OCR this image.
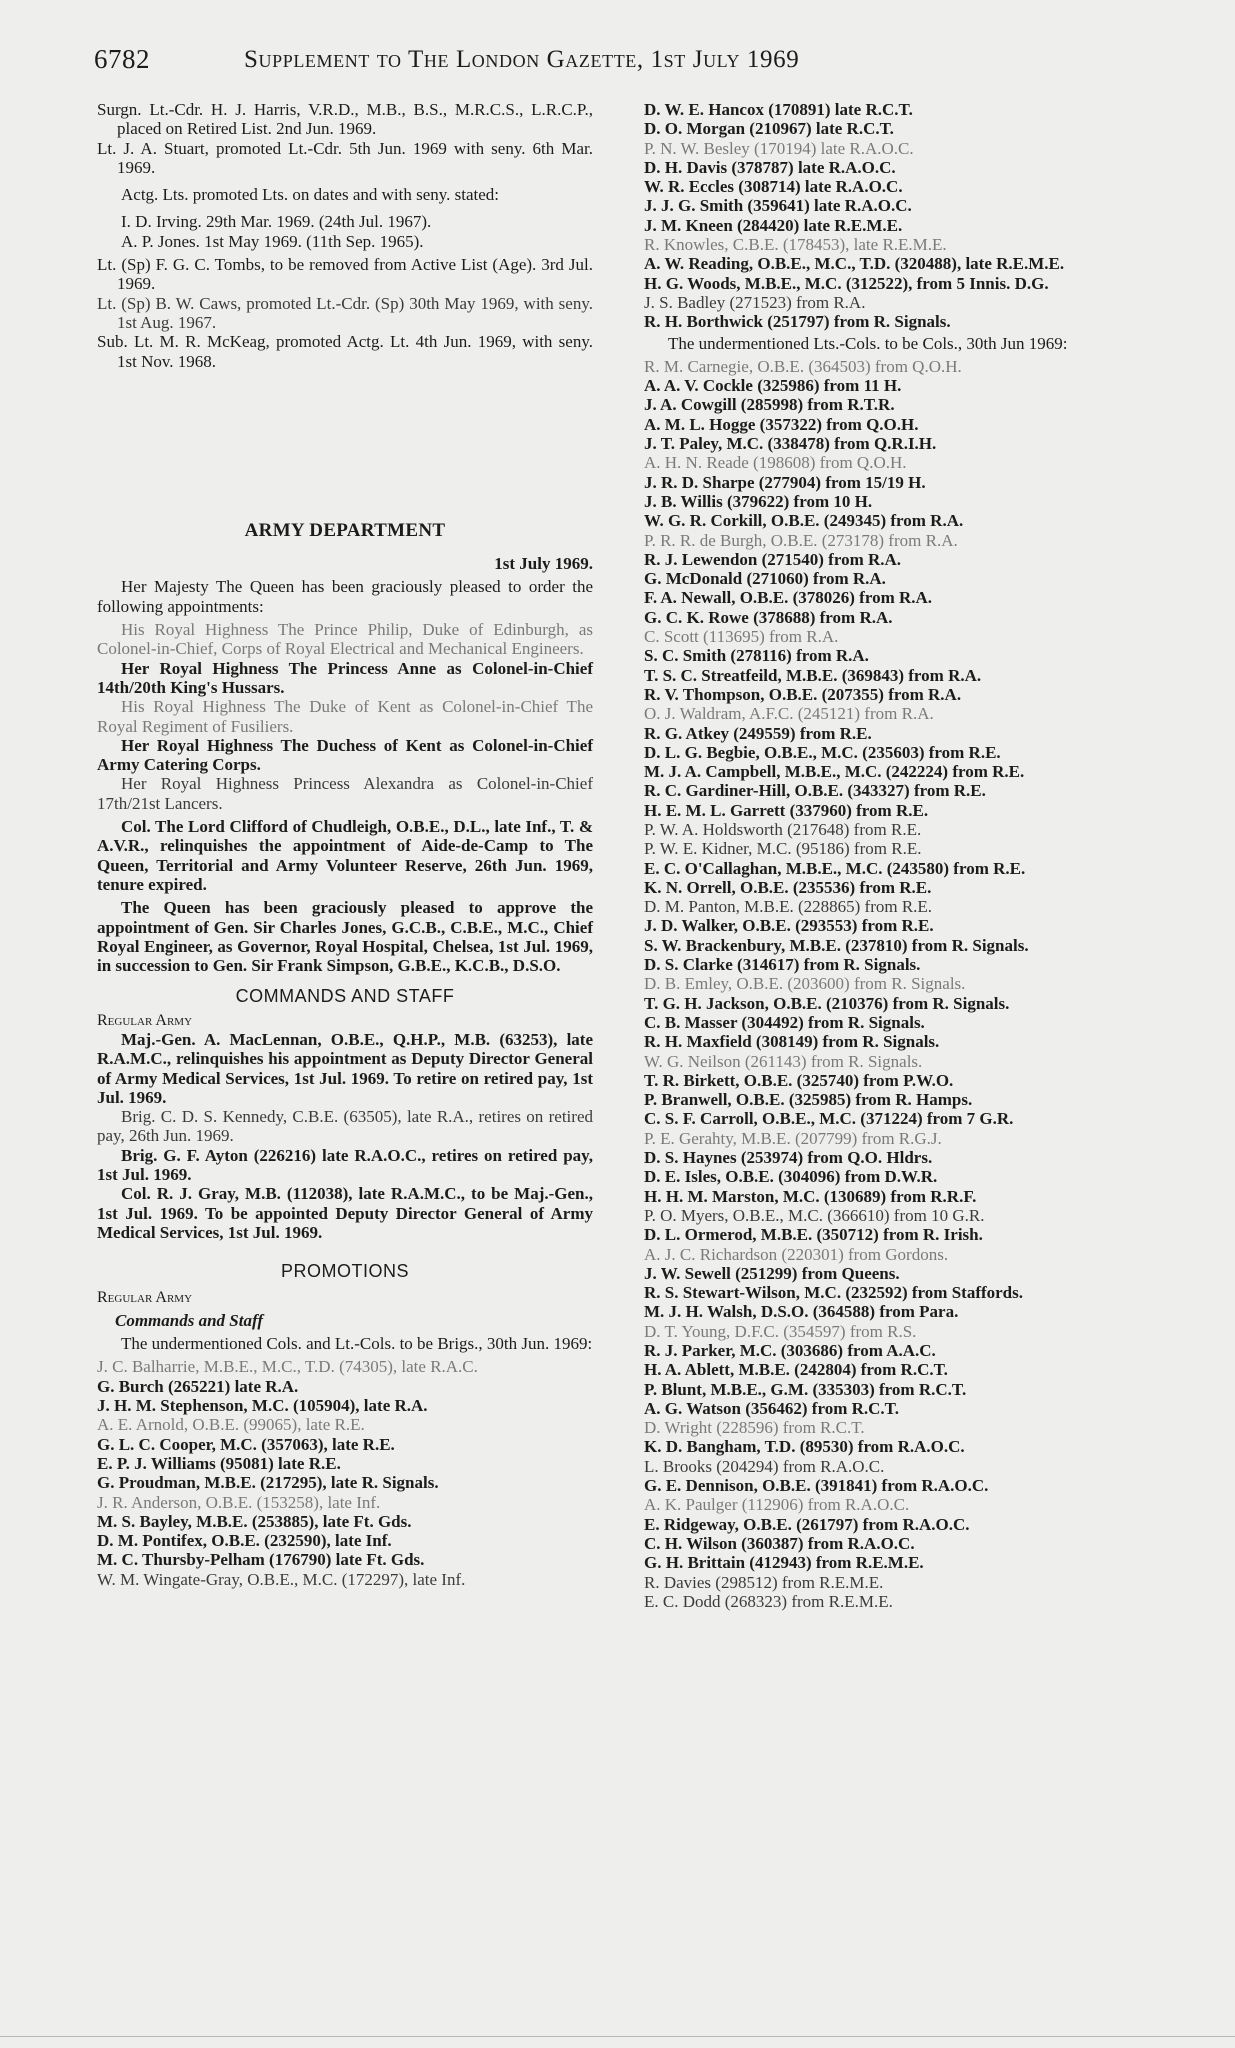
6782	Supplement to The London Gazette, 1st July 1969

Surgn. Lt.-Cdr. H. J. Harris, V.R.D., M.B., B.S., M.R.C.S., L.R.C.P., placed on Retired List. 2nd Jun. 1969.

Lt. J. A. Stuart, promoted Lt.-Cdr. 5th Jun. 1969 with seny. 6th Mar. 1969.

Actg. Lts. promoted Lts. on dates and with seny. stated:

I. D. Irving. 29th Mar. 1969. (24th Jul. 1967).

A. P. Jones. 1st May 1969. (11th Sep. 1965).

Lt. (Sp) F. G. C. Tombs, to be removed from Active List (Age). 3rd Jul. 1969.

Lt. (Sp) B. W. Caws, promoted Lt.-Cdr. (Sp) 30th May 1969, with seny. 1st Aug. 1967.

Sub. Lt. M. R. McKeag, promoted Actg. Lt. 4th Jun. 1969, with seny. 1st Nov. 1968.

ARMY DEPARTMENT

1st July 1969.

Her Majesty The Queen has been graciously pleased to order the following appointments:

His Royal Highness The Prince Philip, Duke of Edinburgh, as Colonel-in-Chief, Corps of Royal Electrical and Mechanical Engineers.

Her Royal Highness The Princess Anne as Colonel-in-Chief 14th/20th King's Hussars.

His Royal Highness The Duke of Kent as Colonel-in-Chief The Royal Regiment of Fusiliers.

Her Royal Highness The Duchess of Kent as Colonel-in-Chief Army Catering Corps.

Her Royal Highness Princess Alexandra as Colonel-in-Chief 17th/21st Lancers.

Col. The Lord Clifford of Chudleigh, O.B.E., D.L., late Inf., T. & A.V.R., relinquishes the appointment of Aide-de-Camp to The Queen, Territorial and Army Volunteer Reserve, 26th Jun. 1969, tenure expired.

The Queen has been graciously pleased to approve the appointment of Gen. Sir Charles Jones, G.C.B., C.B.E., M.C., Chief Royal Engineer, as Governor, Royal Hospital, Chelsea, 1st Jul. 1969, in succession to Gen. Sir Frank Simpson, G.B.E., K.C.B., D.S.O.

COMMANDS AND STAFF

Regular Army

Maj.-Gen. A. MacLennan, O.B.E., Q.H.P., M.B. (63253), late R.A.M.C., relinquishes his appointment as Deputy Director General of Army Medical Services, 1st Jul. 1969. To retire on retired pay, 1st Jul. 1969.

Brig. C. D. S. Kennedy, C.B.E. (63505), late R.A., retires on retired pay, 26th Jun. 1969.

Brig. G. F. Ayton (226216) late R.A.O.C., retires on retired pay, 1st Jul. 1969.

Col. R. J. Gray, M.B. (112038), late R.A.M.C., to be Maj.-Gen., 1st Jul. 1969. To be appointed Deputy Director General of Army Medical Services, 1st Jul. 1969.

PROMOTIONS

Regular Army

Commands and Staff

The undermentioned Cols. and Lt.-Cols. to be Brigs., 30th Jun. 1969:

J. C. Balharrie, M.B.E., M.C., T.D. (74305), late R.A.C.

G. Burch (265221) late R.A.

J. H. M. Stephenson, M.C. (105904), late R.A.

A. E. Arnold, O.B.E. (99065), late R.E.

G. L. C. Cooper, M.C. (357063), late R.E.

E. P. J. Williams (95081) late R.E.

G. Proudman, M.B.E. (217295), late R. Signals.

J. R. Anderson, O.B.E. (153258), late Inf.

M. S. Bayley, M.B.E. (253885), late Ft. Gds.

D. M. Pontifex, O.B.E. (232590), late Inf.

M. C. Thursby-Pelham (176790) late Ft. Gds.

W. M. Wingate-Gray, O.B.E., M.C. (172297), late Inf.

D. W. E. Hancox (170891) late R.C.T.

D. O. Morgan (210967) late R.C.T.

P. N. W. Besley (170194) late R.A.O.C.

D. H. Davis (378787) late R.A.O.C.

W. R. Eccles (308714) late R.A.O.C.

J. J. G. Smith (359641) late R.A.O.C.

J. M. Kneen (284420) late R.E.M.E.

R. Knowles, C.B.E. (178453), late R.E.M.E.

A. W. Reading, O.B.E., M.C., T.D. (320488), late R.E.M.E.

H. G. Woods, M.B.E., M.C. (312522), from 5 Innis. D.G.

J. S. Badley (271523) from R.A.

R. H. Borthwick (251797) from R. Signals.

The undermentioned Lts.-Cols. to be Cols., 30th Jun 1969:

R. M. Carnegie, O.B.E. (364503) from Q.O.H.

A. A. V. Cockle (325986) from 11 H.

J. A. Cowgill (285998) from R.T.R.

A. M. L. Hogge (357322) from Q.O.H.

J. T. Paley, M.C. (338478) from Q.R.I.H.

A. H. N. Reade (198608) from Q.O.H.

J. R. D. Sharpe (277904) from 15/19 H.

J. B. Willis (379622) from 10 H.

W. G. R. Corkill, O.B.E. (249345) from R.A.

P. R. R. de Burgh, O.B.E. (273178) from R.A.

R. J. Lewendon (271540) from R.A.

G. McDonald (271060) from R.A.

F. A. Newall, O.B.E. (378026) from R.A.

G. C. K. Rowe (378688) from R.A.

C. Scott (113695) from R.A.

S. C. Smith (278116) from R.A.

T. S. C. Streatfeild, M.B.E. (369843) from R.A.

R. V. Thompson, O.B.E. (207355) from R.A.

O. J. Waldram, A.F.C. (245121) from R.A.

R. G. Atkey (249559) from R.E.

D. L. G. Begbie, O.B.E., M.C. (235603) from R.E.

M. J. A. Campbell, M.B.E., M.C. (242224) from R.E.

R. C. Gardiner-Hill, O.B.E. (343327) from R.E.

H. E. M. L. Garrett (337960) from R.E.

P. W. A. Holdsworth (217648) from R.E.

P. W. E. Kidner, M.C. (95186) from R.E.

E. C. O'Callaghan, M.B.E., M.C. (243580) from R.E.

K. N. Orrell, O.B.E. (235536) from R.E.

D. M. Panton, M.B.E. (228865) from R.E.

J. D. Walker, O.B.E. (293553) from R.E.

S. W. Brackenbury, M.B.E. (237810) from R. Signals.

D. S. Clarke (314617) from R. Signals.

D. B. Emley, O.B.E. (203600) from R. Signals.

T. G. H. Jackson, O.B.E. (210376) from R. Signals.

C. B. Masser (304492) from R. Signals.

R. H. Maxfield (308149) from R. Signals.

W. G. Neilson (261143) from R. Signals.

T. R. Birkett, O.B.E. (325740) from P.W.O.

P. Branwell, O.B.E. (325985) from R. Hamps.

C. S. F. Carroll, O.B.E., M.C. (371224) from 7 G.R.

P. E. Gerahty, M.B.E. (207799) from R.G.J.

D. S. Haynes (253974) from Q.O. Hldrs.

D. E. Isles, O.B.E. (304096) from D.W.R.

H. H. M. Marston, M.C. (130689) from R.R.F.

P. O. Myers, O.B.E., M.C. (366610) from 10 G.R.

D. L. Ormerod, M.B.E. (350712) from R. Irish.

A. J. C. Richardson (220301) from Gordons.

J. W. Sewell (251299) from Queens.

R. S. Stewart-Wilson, M.C. (232592) from Staffords.

M. J. H. Walsh, D.S.O. (364588) from Para.

D. T. Young, D.F.C. (354597) from R.S.

R. J. Parker, M.C. (303686) from A.A.C.

H. A. Ablett, M.B.E. (242804) from R.C.T.

P. Blunt, M.B.E., G.M. (335303) from R.C.T.

A. G. Watson (356462) from R.C.T.

D. Wright (228596) from R.C.T.

K. D. Bangham, T.D. (89530) from R.A.O.C.

L. Brooks (204294) from R.A.O.C.

G. E. Dennison, O.B.E. (391841) from R.A.O.C.

A. K. Paulger (112906) from R.A.O.C.

E. Ridgeway, O.B.E. (261797) from R.A.O.C.

C. H. Wilson (360387) from R.A.O.C.

G. H. Brittain (412943) from R.E.M.E.

R. Davies (298512) from R.E.M.E.

E. C. Dodd (268323) from R.E.M.E.
